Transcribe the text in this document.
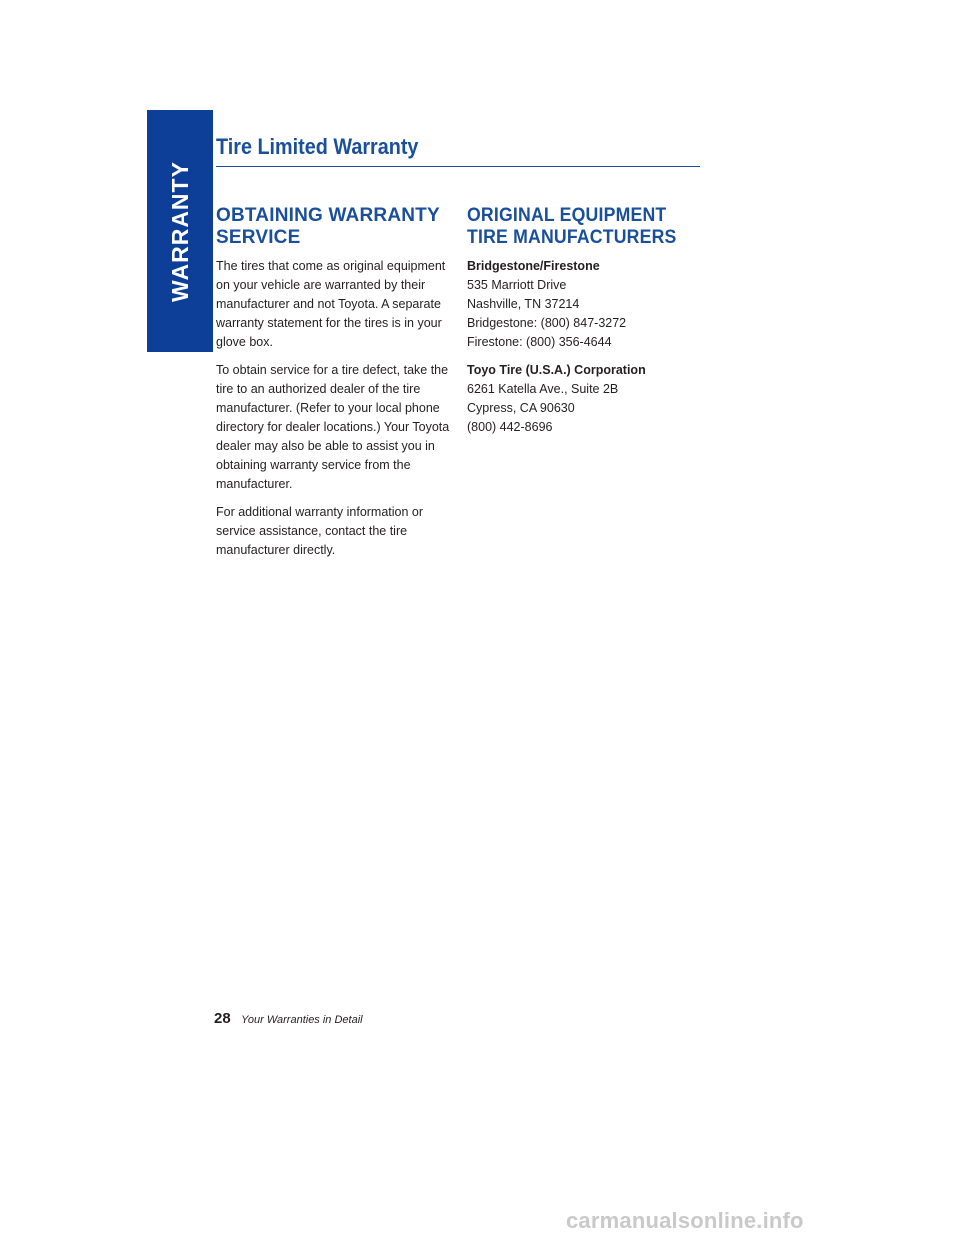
WARRANTY
Tire Limited Warranty
OBTAINING WARRANTY
SERVICE

The tires that come as original equipment on your vehicle are warranted by their manufacturer and not Toyota. A separate warranty statement for the tires is in your glove box.

To obtain service for a tire defect, take the tire to an authorized dealer of the tire manufacturer. (Refer to your local phone directory for dealer locations.) Your Toyota dealer may also be able to assist you in obtaining warranty service from the manufacturer.

For additional warranty information or service assistance, contact the tire manufacturer directly.

ORIGINAL EQUIPMENT
TIRE MANUFACTURERS
Bridgestone/Firestone
535 Marriott Drive
Nashville, TN 37214
Bridgestone: (800) 847-3272
Firestone: (800) 356-4644
Toyo Tire (U.S.A.) Corporation
6261 Katella Ave., Suite 2B
Cypress, CA 90630
(800) 442-8696
28 Your Warranties in Detail
carmanualsonline.info
